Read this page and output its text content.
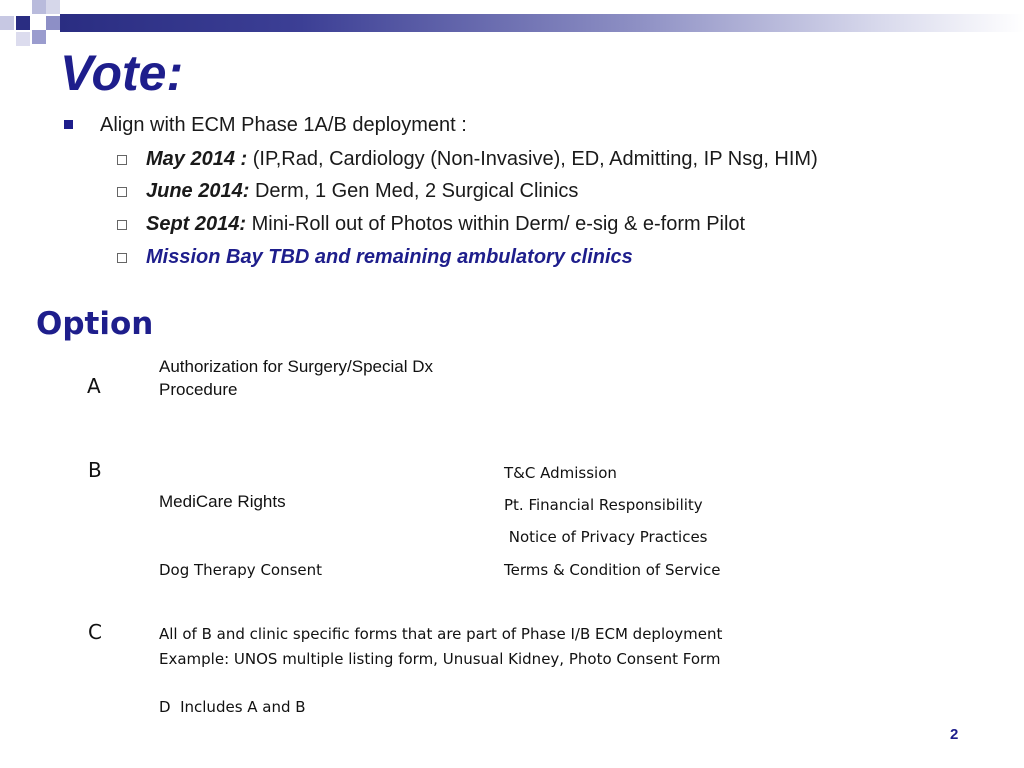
Vote:
Align with ECM Phase 1A/B deployment :
May 2014 : (IP,Rad, Cardiology (Non-Invasive), ED, Admitting, IP Nsg, HIM)
June 2014: Derm, 1 Gen Med, 2 Surgical Clinics
Sept 2014: Mini-Roll out of Photos within Derm/ e-sig & e-form Pilot
Mission Bay TBD and remaining ambulatory clinics
Option
A
Authorization for Surgery/Special Dx
Procedure
B
MediCare Rights
Dog Therapy Consent
T&C Admission
Pt. Financial Responsibility
Notice of Privacy Practices
Terms & Condition of Service
C	All of B and clinic specific forms that are part of Phase I/B ECM deployment
Example: UNOS multiple listing form, Unusual Kidney, Photo Consent Form
D  Includes A and B
2
